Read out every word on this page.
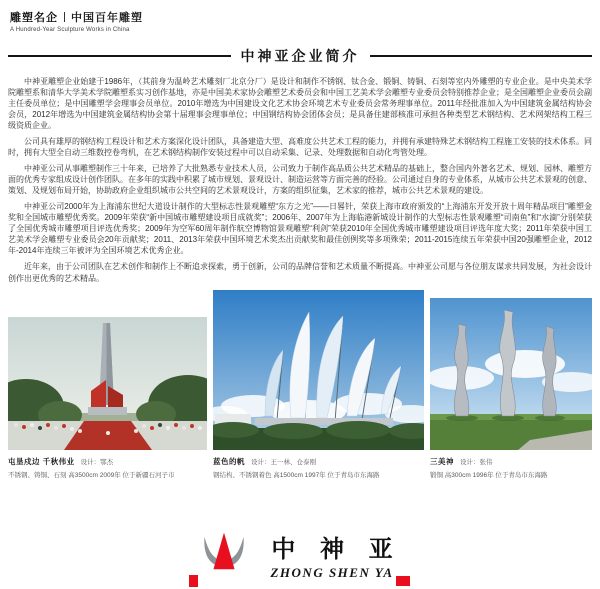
雕塑名企 中国百年雕塑
A Hundred-Year Sculpture Works in China
中神亚企业简介

中神亚雕塑企业始建于1986年，（其前身为温岭艺术雕刻厂北京分厂）是设计和制作不锈钢、钛合金、锻铜、铸铜、石刻等室内外雕塑的专业企业。是中央美术学院雕塑系和清华大学美术学院雕塑系实习创作基地，亦是中国美术家协会雕塑艺术委员会和中国工艺美术学会雕塑专业委员会特别推荐企业；是全国雕塑企业委员会副主任委员单位；是中国雕塑学会理事会员单位。2010年增选为中国建设文化艺术协会环境艺术专业委员会常务理事单位。2011年经批准加入为中国建筑金属结构协会会员，2012年增选为中国建筑金属结构协会第十届理事会理事单位；中国钢结构协会团体会员；是具备住建部核准可承担各种类型艺术钢结构、艺术网架结构工程三级资质企业。

公司具有雄厚的钢结构工程设计和艺术方案深化设计团队，具备建造大型、高难度公共艺术工程的能力，并拥有承建特殊艺术钢结构工程施工安装的技术体系。同时，拥有大型全自动三维数控卷弯机，在艺术钢结构制作安装过程中可以自动采集、记录、处理数据和自动化弯管处理。

中神亚公司从事雕塑制作三十年来，已培养了大批熟悉专业技术人员，公司致力于制作高品质公共艺术精品的基础上，整合国内外著名艺术、规划、园林、雕塑方面的优秀专家组成设计创作团队。在多年的实践中积累了城市规划、景观设计、制造运营等方面完善的经验。公司通过自身的专业体系，从城市公共艺术景观的创意、策划、及规划布局开始，协助政府企业组织城市公共空间的艺术景观设计，方案的组织征集，艺术家的推荐，城市公共艺术景观的建设。

中神亚公司2000年为上海浦东世纪大道设计制作的大型标志性景观雕塑“东方之光”——日晷针，荣获上海市政府颁发的“上海浦东开发开放十周年精品项目”雕塑金奖和全国城市雕塑优秀奖。2009年荣获“新中国城市雕塑建设项目成就奖”；2006年、2007年为上海临港新城设计制作的大型标志性景观雕塑“司南鱼”和“水滴”分别荣获了全国优秀城市雕塑项目评选优秀奖；2009年为空军60周年制作航空博物馆景观雕塑“利剑”荣获2010年全国优秀城市雕塑建设项目评选年度大奖；2011年荣获中国工艺美术学会雕塑专业委员会20年贡献奖；2011、2013年荣获中国环境艺术奖杰出贡献奖和最佳创例奖等多项殊荣；2011-2015连续五年荣获中国20强雕塑企业，2012年-2014年连续三年被评为全国环境艺术优秀企业。

近年来，由于公司团队在艺术创作和制作上不断追求探索，勇于创新，公司的品牌信誉和艺术质量不断提高。中神亚公司愿与各位朋友谋求共同发展，为社会设计创作出更优秀的艺术精品。

屯垦戍边 千秋伟业 设计：鄂杰
不锈钢、铸铜、石刻 高3500cm 2009年 位于新疆石河子市
蓝色的帆 设计：王一林、仓泰刚
钢结构、不锈钢着色 高1500cm 1997年 位于青岛市东海路
三美神 设计：张伟
锻铜 高300cm 1996年 位于青岛市东海路
中 神 亚
ZHONG SHEN YA
